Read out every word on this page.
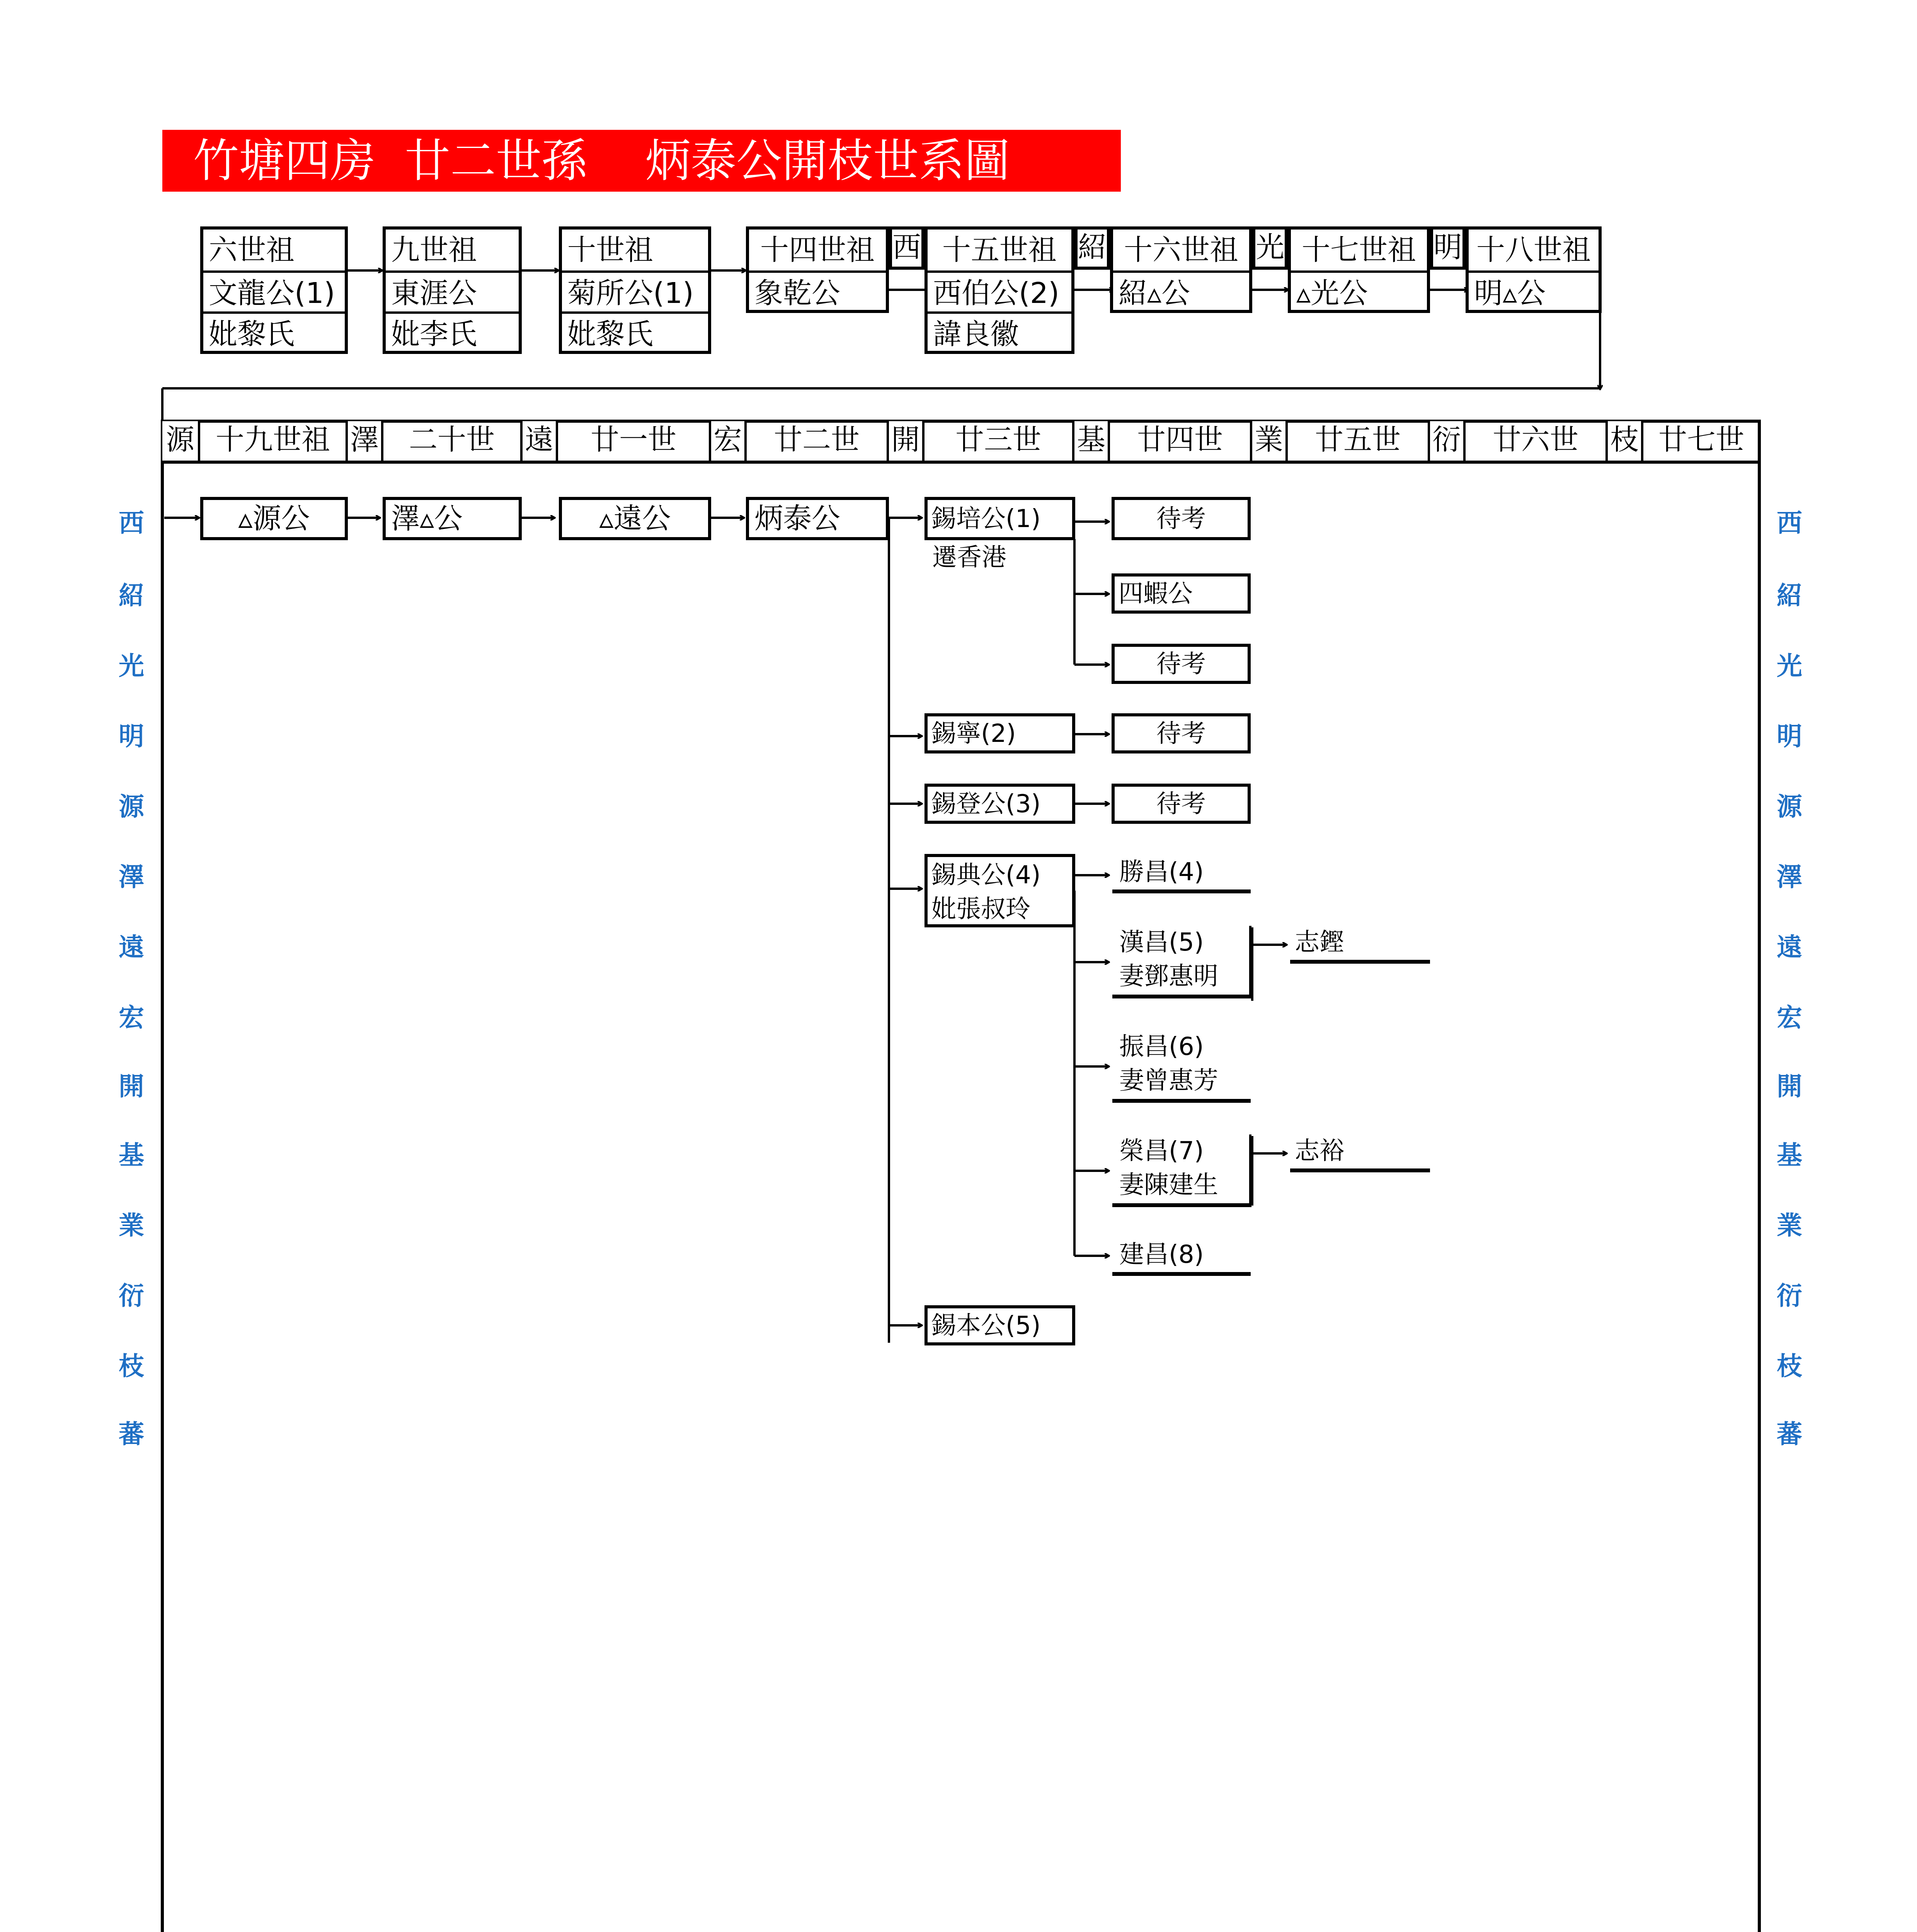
竹塘四房  廿二世孫    炳泰公開枝世系圖
六世祖
文龍公(1)
妣黎氏
九世祖
東涯公
妣李氏
十世祖
菊所公(1)
妣黎氏
十四世祖
象乾公
西 十五世祖
西伯公(2)
諱良徽
紹 十六世祖
紹▵公
光 十七世祖
▵光公
明 十八世祖
明▵公
源 十九世祖 澤	二十世	遠	廿一世	宏	廿二世	開	廿三世	基	廿四世	業	廿五世	衍	廿六世	枝 廿七世
▵源公	澤▵公	▵遠公	炳泰公	錫培公(1)
遷香港
錫寧(2)
錫登公(3)
錫典公(4)
妣張叔玲
錫本公(5)
待考
四蝦公
待考
待考
待考
勝昌(4)
漢昌(5)
妻鄧惠明
振昌(6)
妻曾惠芳
榮昌(7)
妻陳建生
建昌(8)
志鏗
志裕
西
紹
光
明
源
澤
遠
宏
開
基
業
衍
枝
蕃
西
紹
光
明
源
澤
遠
宏
開
基
業
衍
枝
蕃
